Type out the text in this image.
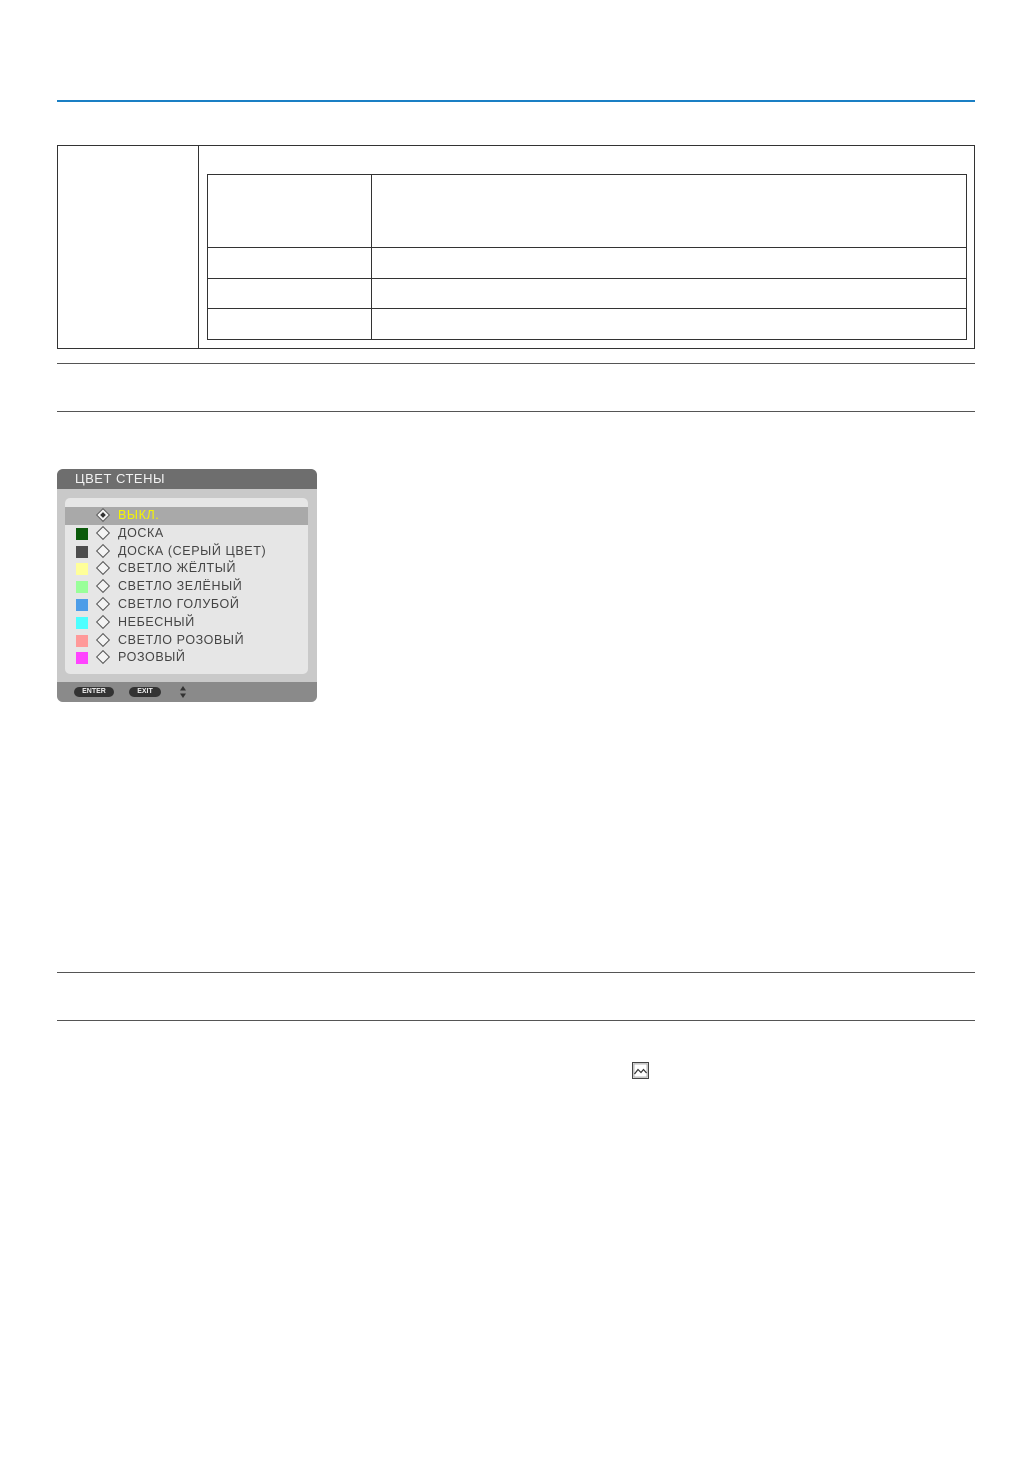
ЦВЕТ СТЕНЫ
ВЫКЛ.
ДОСКА
ДОСКА (СЕРЫЙ ЦВЕТ)
СВЕТЛО ЖЁЛТЫЙ
СВЕТЛО ЗЕЛЁНЫЙ
СВЕТЛО ГОЛУБОЙ
НЕБЕСНЫЙ
СВЕТЛО РОЗОВЫЙ
РОЗОВЫЙ
ENTER	EXIT
